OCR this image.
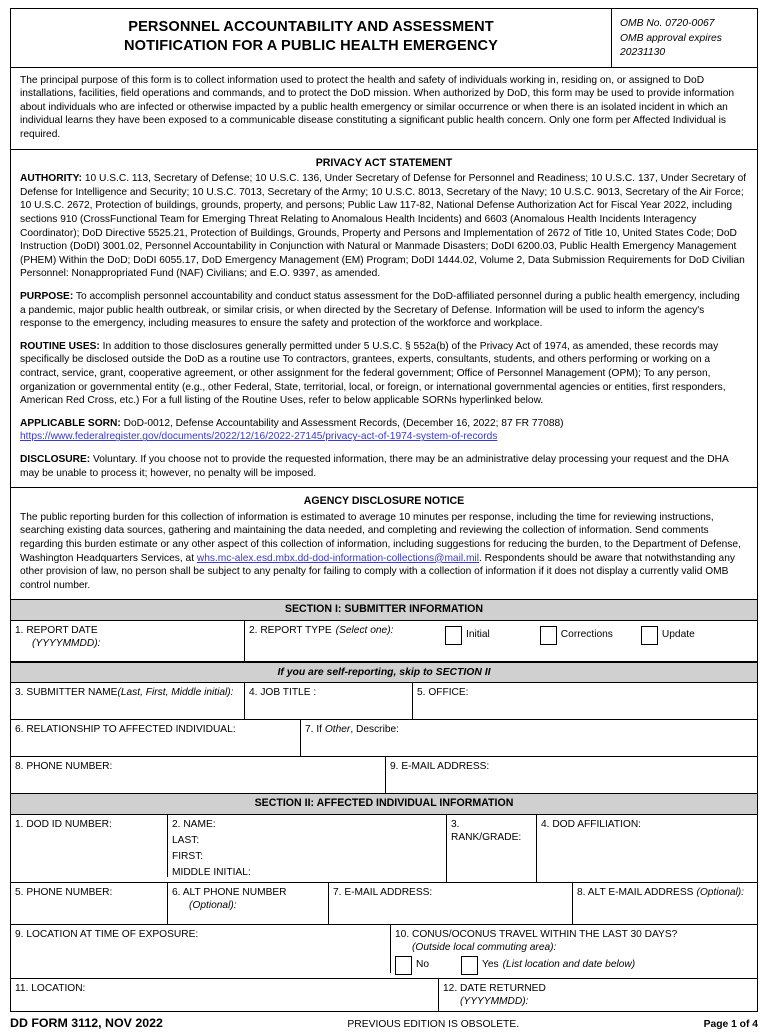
PERSONNEL ACCOUNTABILITY AND ASSESSMENT
NOTIFICATION FOR A PUBLIC HEALTH EMERGENCY
OMB No. 0720-0067
OMB approval expires
20231130
The principal purpose of this form is to collect information used to protect the health and safety of individuals working in, residing on, or assigned to DoD installations, facilities, field operations and commands, and to protect the DoD mission. When authorized by DoD, this form may be used to provide information about individuals who are infected or otherwise impacted by a public health emergency or similar occurrence or when there is an isolated incident in which an individual learns they have been exposed to a communicable disease constituting a significant public health concern. Only one form per Affected Individual is required.
PRIVACY ACT STATEMENT

AUTHORITY: 10 U.S.C. 113, Secretary of Defense; 10 U.S.C. 136, Under Secretary of Defense for Personnel and Readiness; 10 U.S.C. 137, Under Secretary of Defense for Intelligence and Security; 10 U.S.C. 7013, Secretary of the Army; 10 U.S.C. 8013, Secretary of the Navy; 10 U.S.C. 9013, Secretary of the Air Force; 10 U.S.C. 2672, Protection of buildings, grounds, property, and persons; Public Law 117-82, National Defense Authorization Act for Fiscal Year 2022, including sections 910 (CrossFunctional Team for Emerging Threat Relating to Anomalous Health Incidents) and 6603 (Anomalous Health Incidents Interagency Coordinator); DoD Directive 5525.21, Protection of Buildings, Grounds, Property and Persons and Implementation of 2672 of Title 10, United States Code; DoD Instruction (DoDI) 3001.02, Personnel Accountability in Conjunction with Natural or Manmade Disasters; DoDI 6200.03, Public Health Emergency Management (PHEM) Within the DoD; DoDI 6055.17, DoD Emergency Management (EM) Program; DoDI 1444.02, Volume 2, Data Submission Requirements for DoD Civilian Personnel: Nonappropriated Fund (NAF) Civilians; and E.O. 9397, as amended.

PURPOSE: To accomplish personnel accountability and conduct status assessment for the DoD-affiliated personnel during a public health emergency, including a pandemic, major public health outbreak, or similar crisis, or when directed by the Secretary of Defense. Information will be used to inform the agency's response to the emergency, including measures to ensure the safety and protection of the workforce and workplace.

ROUTINE USES: In addition to those disclosures generally permitted under 5 U.S.C. § 552a(b) of the Privacy Act of 1974, as amended, these records may specifically be disclosed outside the DoD as a routine use To contractors, grantees, experts, consultants, students, and others performing or working on a contract, service, grant, cooperative agreement, or other assignment for the federal government; Office of Personnel Management (OPM); To any person, organization or governmental entity (e.g., other Federal, State, territorial, local, or foreign, or international governmental agencies or entities, first responders, American Red Cross, etc.) For a full listing of the Routine Uses, refer to below applicable SORNs hyperlinked below.

APPLICABLE SORN: DoD-0012, Defense Accountability and Assessment Records, (December 16, 2022; 87 FR 77088) https://www.federalregister.gov/documents/2022/12/16/2022-27145/privacy-act-of-1974-system-of-records

DISCLOSURE: Voluntary. If you choose not to provide the requested information, there may be an administrative delay processing your request and the DHA may be unable to process it; however, no penalty will be imposed.

AGENCY DISCLOSURE NOTICE

The public reporting burden for this collection of information is estimated to average 10 minutes per response, including the time for reviewing instructions, searching existing data sources, gathering and maintaining the data needed, and completing and reviewing the collection of information. Send comments regarding this burden estimate or any other aspect of this collection of information, including suggestions for reducing the burden, to the Department of Defense, Washington Headquarters Services, at whs.mc-alex.esd.mbx.dd-dod-information-collections@mail.mil. Respondents should be aware that notwithstanding any other provision of law, no person shall be subject to any penalty for failing to comply with a collection of information if it does not display a currently valid OMB control number.

SECTION I: SUBMITTER INFORMATION
1. REPORT DATE
(YYYYMMDD):
2. REPORT TYPE (Select one):	Initial	Corrections	Update
If you are self-reporting, skip to SECTION II
3. SUBMITTER NAME(Last, First, Middle initial):	4. JOB TITLE :	5. OFFICE:
6. RELATIONSHIP TO AFFECTED INDIVIDUAL:	7. If Other, Describe:
8. PHONE NUMBER:	9. E-MAIL ADDRESS:
SECTION II: AFFECTED INDIVIDUAL INFORMATION
1. DOD ID NUMBER:	2. NAME:
LAST:
FIRST:
MIDDLE INITIAL:
3. RANK/GRADE:
4. DOD AFFILIATION:
5. PHONE NUMBER:	6. ALT PHONE NUMBER
(Optional):
7. E-MAIL ADDRESS:	8. ALT E-MAIL ADDRESS (Optional):
9. LOCATION AT TIME OF EXPOSURE:	10. CONUS/OCONUS TRAVEL WITHIN THE LAST 30 DAYS?
(Outside local commuting area):
No	Yes (List location and date below)
11. LOCATION:	12. DATE RETURNED
(YYYYMMDD):
DD FORM 3112, NOV 2022	PREVIOUS EDITION IS OBSOLETE.	Page 1 of 4
